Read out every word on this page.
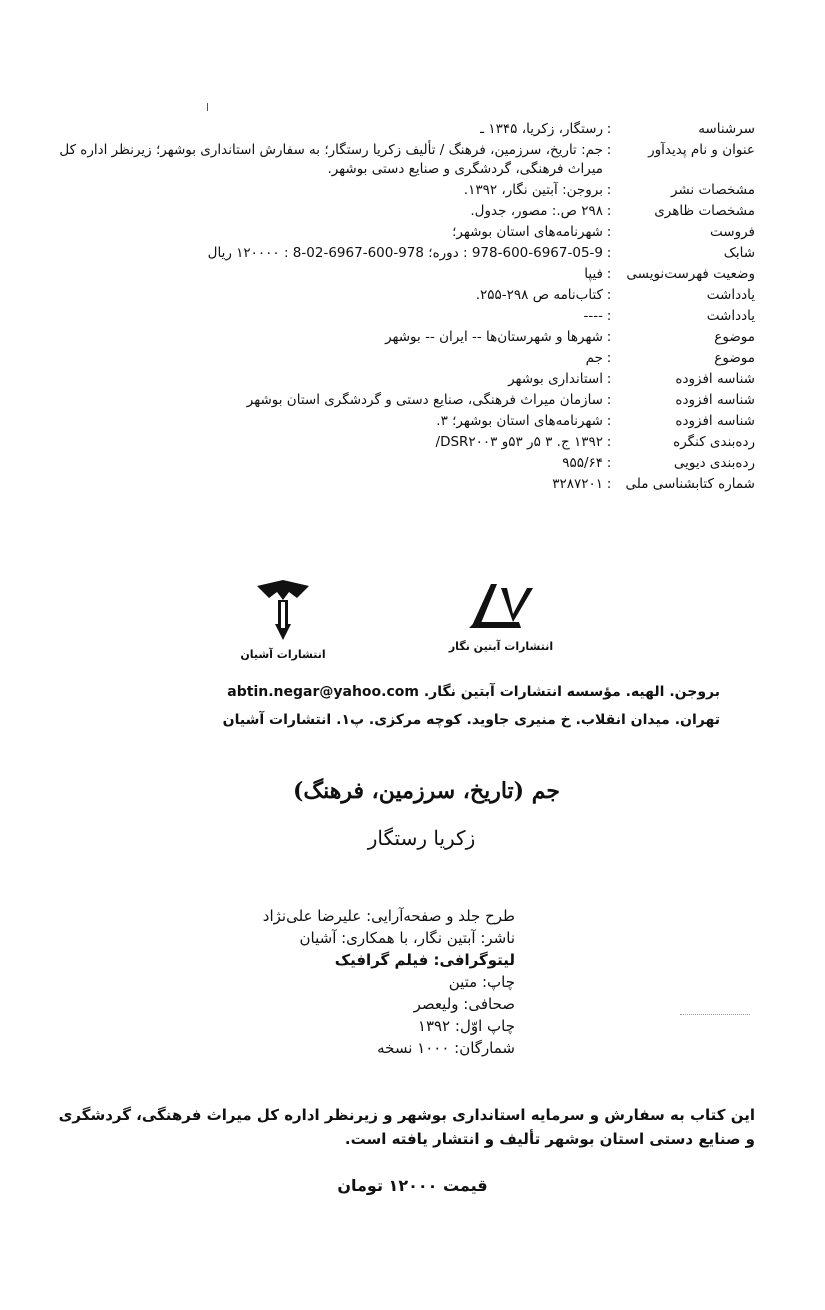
سرشناسه
:
رستگار، زکریا، ۱۳۴۵ ـ
عنوان و نام پدیدآور
:
جم: تاریخ، سرزمین، فرهنگ / تألیف زکریا رستگار؛ به سفارش استانداری بوشهر؛ زیرنظر اداره کل میراث فرهنگی، گردشگری و صنایع دستی بوشهر.
مشخصات نشر
:
بروجن: آبتین نگار، ۱۳۹۲.
مشخصات ظاهری
:
۲۹۸ ص.: مصور، جدول.
فروست
:
شهرنامه‌های استان بوشهر؛
شابک
:
978-600-6967-05-9 : دوره؛ 978-600-6967-02-8 : ۱۲۰۰۰۰ ریال
وضعیت فهرست‌نویسی
:
فیپا
یادداشت
:
کتاب‌نامه ص ۲۹۸-۲۵۵.
یادداشت
:
----
موضوع
:
شهرها و شهرستان‌ها -- ایران -- بوشهر
موضوع
:
جم
شناسه افزوده
:
استانداری بوشهر
شناسه افزوده
:
سازمان میراث فرهنگی، صنایع دستی و گردشگری استان بوشهر
شناسه افزوده
:
شهرنامه‌های استان بوشهر؛ ۳.
رده‌بندی کنگره
:
۱۳۹۲ ج. ۳ ۵ر ۵۳و DSR۲۰۰۳/
رده‌بندی دیویی
:
۹۵۵/۶۴
شماره کتابشناسی ملی
:
۳۲۸۷۲۰۱
انتشارات آشیان
انتشارات آبتین نگار
بروجن. الهیه. مؤسسه انتشارات آبتین نگار. abtin.negar@yahoo.com
تهران. میدان انقلاب. خ منیری جاوید. کوچه مرکزی. پ۱. انتشارات آشیان
جم (تاریخ، سرزمین، فرهنگ)
زکریا رستگار
طرح جلد و صفحه‌آرایی: علیرضا علی‌نژاد
ناشر: آبتین نگار، با همکاری: آشیان
لیتوگرافی: فیلم گرافیک
چاپ: متین
صحافی: ولیعصر
چاپ اوّل: ۱۳۹۲
شمارگان: ۱۰۰۰ نسخه
این کتاب به سفارش و سرمایه استانداری بوشهر و زیرنظر اداره کل میراث فرهنگی، گردشگری و صنایع دستی استان بوشهر تألیف و انتشار یافته است.
قیمت ۱۲۰۰۰ تومان
